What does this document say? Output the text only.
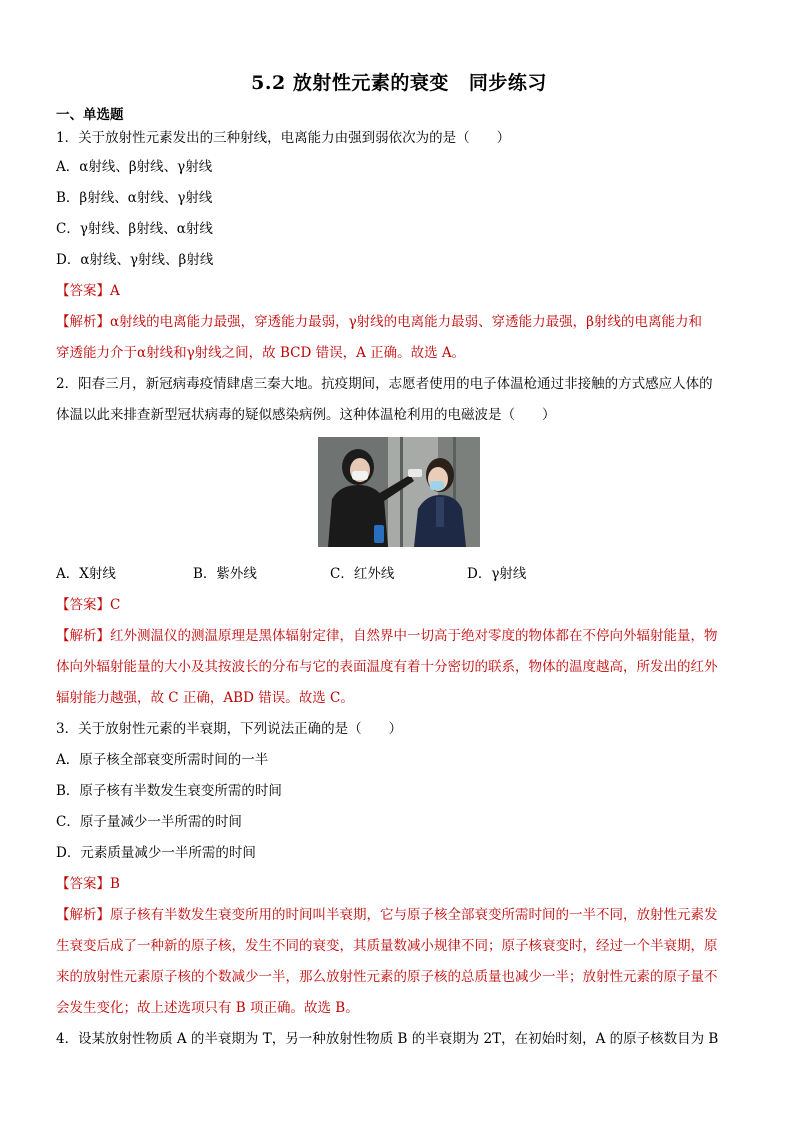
5.2 放射性元素的衰变 同步练习
一、单选题
1．关于放射性元素发出的三种射线，电离能力由强到弱依次为的是（　　）
A．α射线、β射线、γ射线
B．β射线、α射线、γ射线
C．γ射线、β射线、α射线
D．α射线、γ射线、β射线
【答案】A
【解析】α射线的电离能力最强，穿透能力最弱，γ射线的电离能力最弱、穿透能力最强，β射线的电离能力和
穿透能力介于α射线和γ射线之间，故 BCD 错误，A 正确。故选 A。
2．阳春三月，新冠病毒疫情肆虐三秦大地。抗疫期间，志愿者使用的电子体温枪通过非接触的方式感应人体的
体温以此来排查新型冠状病毒的疑似感染病例。这种体温枪利用的电磁波是（　　）
A．X射线	B．紫外线	C．红外线	D．γ射线
【答案】C
【解析】红外测温仪的测温原理是黑体辐射定律，自然界中一切高于绝对零度的物体都在不停向外辐射能量，物
体向外辐射能量的大小及其按波长的分布与它的表面温度有着十分密切的联系，物体的温度越高，所发出的红外
辐射能力越强，故 C 正确，ABD 错误。故选 C。
3．关于放射性元素的半衰期，下列说法正确的是（　　）
A．原子核全部衰变所需时间的一半
B．原子核有半数发生衰变所需的时间
C．原子量减少一半所需的时间
D．元素质量减少一半所需的时间
【答案】B
【解析】原子核有半数发生衰变所用的时间叫半衰期，它与原子核全部衰变所需时间的一半不同，放射性元素发
生衰变后成了一种新的原子核，发生不同的衰变，其质量数减小规律不同；原子核衰变时，经过一个半衰期，原
来的放射性元素原子核的个数减少一半，那么放射性元素的原子核的总质量也减少一半；放射性元素的原子量不
会发生变化；故上述选项只有 B 项正确。故选 B。
4．设某放射性物质 A 的半衰期为 T，另一种放射性物质 B 的半衰期为 2T，在初始时刻，A 的原子核数目为 B
